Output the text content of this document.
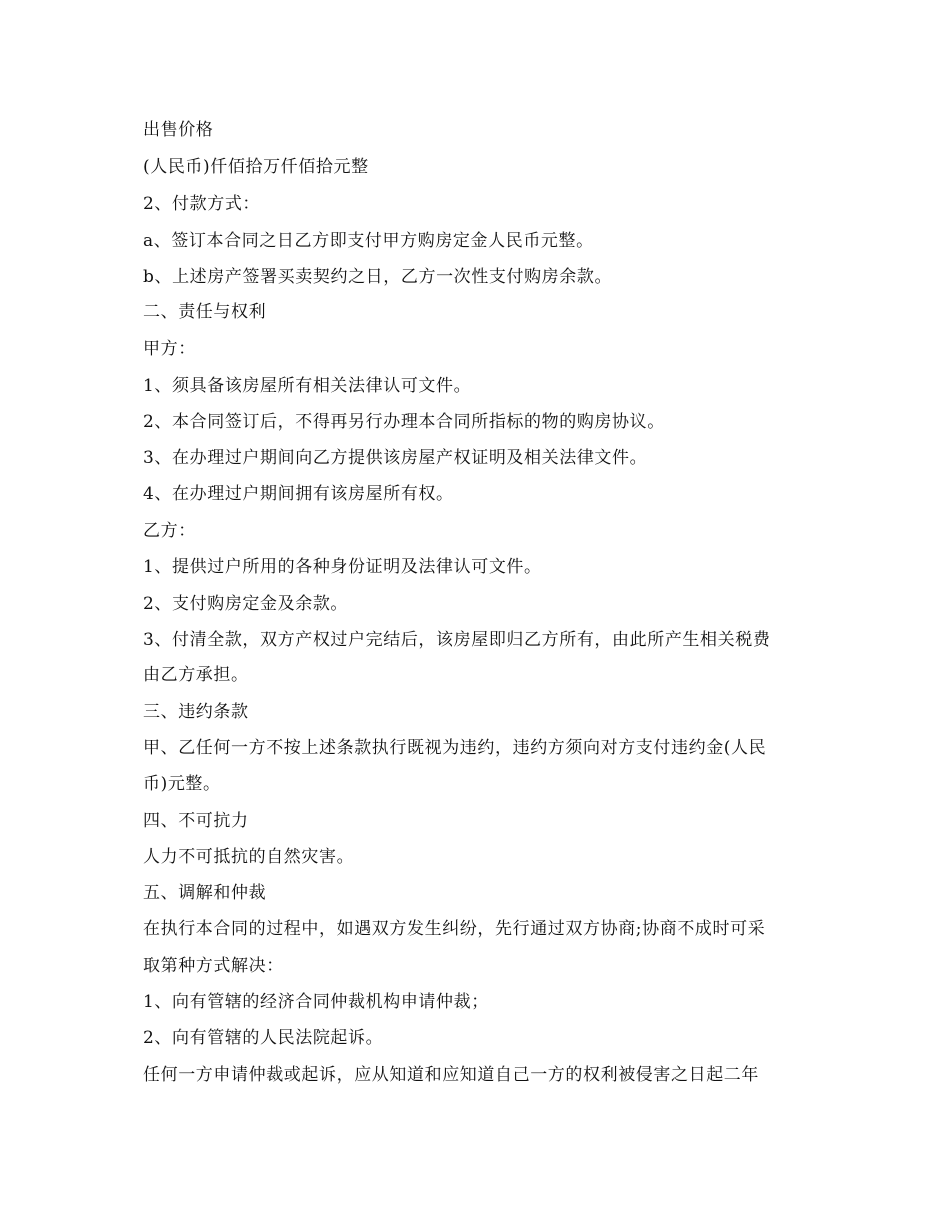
出售价格
(人民币)仟佰拾万仟佰拾元整
2、付款方式：
a、签订本合同之日乙方即支付甲方购房定金人民币元整。
b、上述房产签署买卖契约之日，乙方一次性支付购房余款。
二、责任与权利
甲方：
1、须具备该房屋所有相关法律认可文件。
2、本合同签订后，不得再另行办理本合同所指标的物的购房协议。
3、在办理过户期间向乙方提供该房屋产权证明及相关法律文件。
4、在办理过户期间拥有该房屋所有权。
乙方：
1、提供过户所用的各种身份证明及法律认可文件。
2、支付购房定金及余款。
3、付清全款，双方产权过户完结后，该房屋即归乙方所有，由此所产生相关税费
由乙方承担。
三、违约条款
甲、乙任何一方不按上述条款执行既视为违约，违约方须向对方支付违约金(人民
币)元整。
四、不可抗力
人力不可抵抗的自然灾害。
五、调解和仲裁
在执行本合同的过程中，如遇双方发生纠纷，先行通过双方协商;协商不成时可采
取第种方式解决：
1、向有管辖的经济合同仲裁机构申请仲裁；
2、向有管辖的人民法院起诉。
任何一方申请仲裁或起诉，应从知道和应知道自己一方的权利被侵害之日起二年
